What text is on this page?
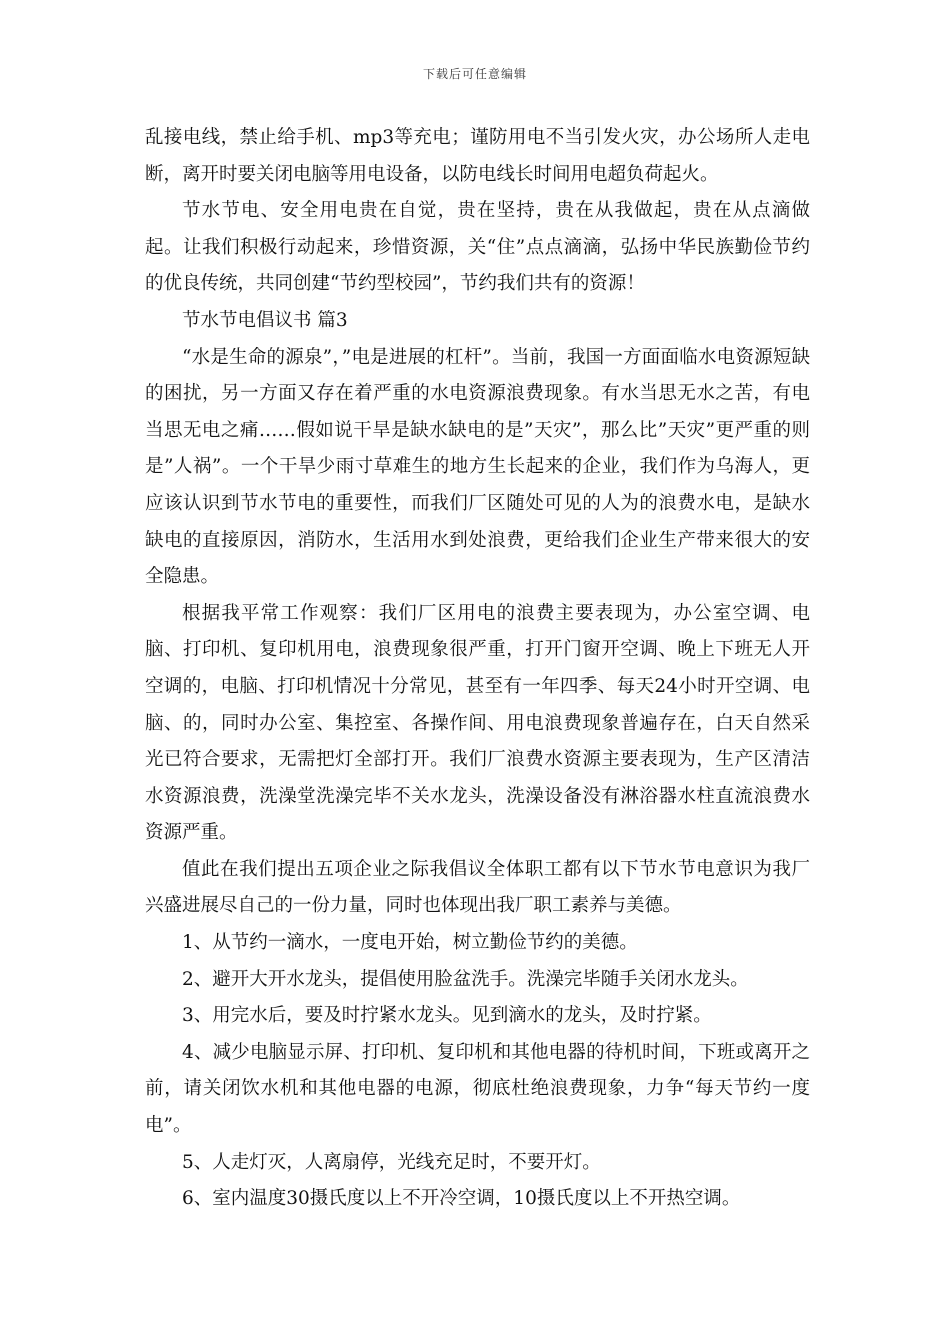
下载后可任意编辑

乱接电线，禁止给手机、mp3等充电；谨防用电不当引发火灾，办公场所人走电断，离开时要关闭电脑等用电设备，以防电线长时间用电超负荷起火。

节水节电、安全用电贵在自觉，贵在坚持，贵在从我做起，贵在从点滴做起。让我们积极行动起来，珍惜资源，关“住”点点滴滴，弘扬中华民族勤俭节约的优良传统，共同创建“节约型校园”，节约我们共有的资源！

节水节电倡议书 篇3

“水是生命的源泉”，”电是进展的杠杆”。当前，我国一方面面临水电资源短缺的困扰，另一方面又存在着严重的水电资源浪费现象。有水当思无水之苦，有电当思无电之痛……假如说干旱是缺水缺电的是”天灾”，那么比”天灾”更严重的则是”人祸”。一个干旱少雨寸草难生的地方生长起来的企业，我们作为乌海人，更应该认识到节水节电的重要性，而我们厂区随处可见的人为的浪费水电，是缺水缺电的直接原因，消防水，生活用水到处浪费，更给我们企业生产带来很大的安全隐患。

根据我平常工作观察：我们厂区用电的浪费主要表现为，办公室空调、电脑、打印机、复印机用电，浪费现象很严重，打开门窗开空调、晚上下班无人开空调的，电脑、打印机情况十分常见，甚至有一年四季、每天24小时开空调、电脑、的，同时办公室、集控室、各操作间、用电浪费现象普遍存在，白天自然采光已符合要求，无需把灯全部打开。我们厂浪费水资源主要表现为，生产区清洁水资源浪费，洗澡堂洗澡完毕不关水龙头，洗澡设备没有淋浴器水柱直流浪费水资源严重。

值此在我们提出五项企业之际我倡议全体职工都有以下节水节电意识为我厂兴盛进展尽自己的一份力量，同时也体现出我厂职工素养与美德。

1、从节约一滴水，一度电开始，树立勤俭节约的美德。

2、避开大开水龙头，提倡使用脸盆洗手。洗澡完毕随手关闭水龙头。

3、用完水后，要及时拧紧水龙头。见到滴水的龙头，及时拧紧。

4、减少电脑显示屏、打印机、复印机和其他电器的待机时间，下班或离开之前，请关闭饮水机和其他电器的电源，彻底杜绝浪费现象，力争“每天节约一度电”。

5、人走灯灭，人离扇停，光线充足时，不要开灯。

6、室内温度30摄氏度以上不开冷空调，10摄氏度以上不开热空调。
